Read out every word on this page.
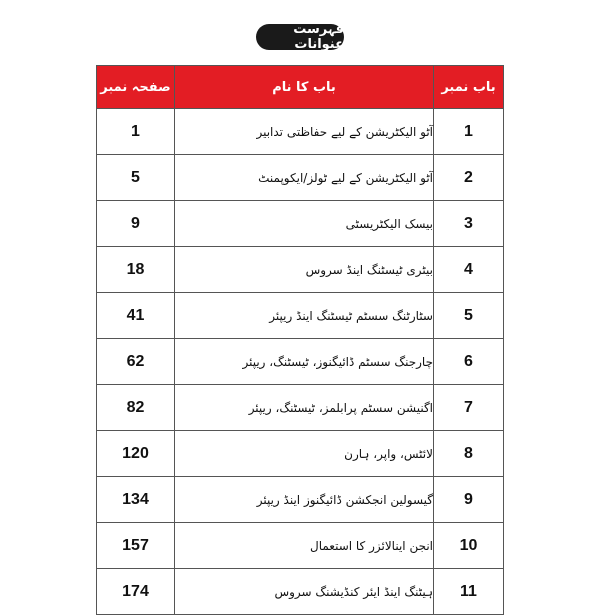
فہرست عنوانات
باب نمبر	باب کا نام	صفحہ نمبر
1	آٹو الیکٹریشن کے لیے حفاظتی تدابیر	1
2	آٹو الیکٹریشن کے لیے ٹولز/ایکوپمنٹ	5
3	بیسک الیکٹریسٹی	9
4	بیٹری ٹیسٹنگ اینڈ سروس	18
5	سٹارٹنگ سسٹم ٹیسٹنگ اینڈ ریپئر	41
6	چارجنگ سسٹم ڈائیگنوز، ٹیسٹنگ، ریپئر	62
7	اگنیشن سسٹم پرابلمز، ٹیسٹنگ، ریپئر	82
8	لائٹس، واپر، ہارن	120
9	گیسولین انجکشن ڈائیگنوز اینڈ ریپئر	134
10	انجن اینالائزر کا استعمال	157
11	ہیٹنگ اینڈ ایئر کنڈیشنگ سروس	174
